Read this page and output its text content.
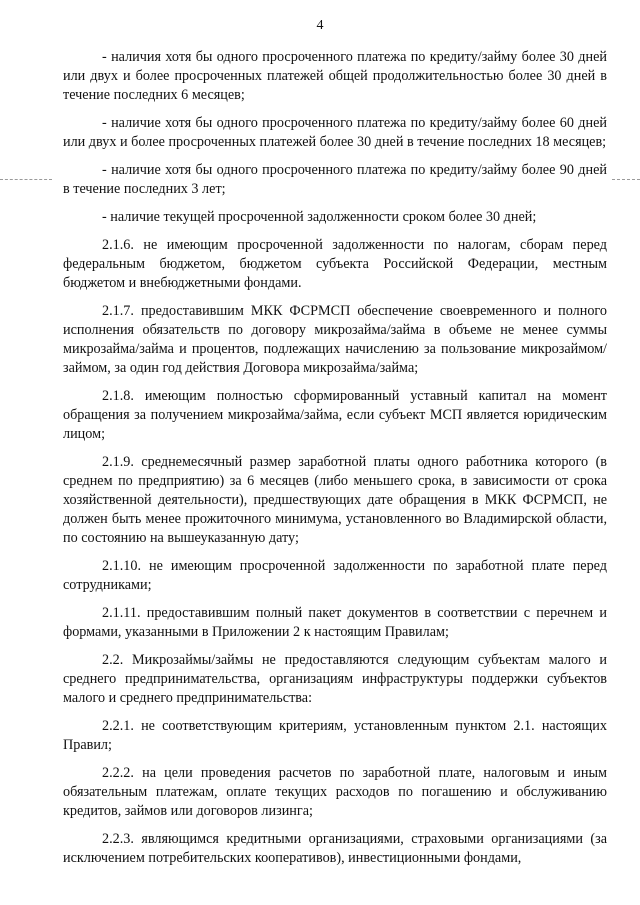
4

- наличия хотя бы одного просроченного платежа по кредиту/займу более 30 дней или двух и более просроченных платежей общей продолжительностью более 30 дней в течение последних 6 месяцев;

- наличие хотя бы одного просроченного платежа по кредиту/займу более 60 дней или двух и более просроченных платежей более 30 дней в течение последних 18 месяцев;

- наличие хотя бы одного просроченного платежа по кредиту/займу более 90 дней в течение последних 3 лет;

- наличие текущей просроченной задолженности сроком более 30 дней;

2.1.6. не имеющим просроченной задолженности по налогам, сборам перед федеральным бюджетом, бюджетом субъекта Российской Федерации, местным бюджетом и внебюджетными фондами.

2.1.7. предоставившим МКК ФСРМСП обеспечение своевременного и полного исполнения обязательств по договору микрозайма/займа в объеме не менее суммы микрозайма/займа и процентов, подлежащих начислению за пользование микрозаймом/займом, за один год действия Договора микрозайма/займа;

2.1.8. имеющим полностью сформированный уставный капитал на момент обращения за получением микрозайма/займа, если субъект МСП является юридическим лицом;

2.1.9. среднемесячный размер заработной платы одного работника которого (в среднем по предприятию) за 6 месяцев (либо меньшего срока, в зависимости от срока хозяйственной деятельности), предшествующих дате обращения в МКК ФСРМСП, не должен быть менее прожиточного минимума, установленного во Владимирской области, по состоянию на вышеуказанную дату;

2.1.10. не имеющим просроченной задолженности по заработной плате перед сотрудниками;

2.1.11. предоставившим полный пакет документов в соответствии с перечнем и формами, указанными в Приложении 2 к настоящим Правилам;

2.2. Микрозаймы/займы не предоставляются следующим субъектам малого и среднего предпринимательства, организациям инфраструктуры поддержки субъектов малого и среднего предпринимательства:

2.2.1. не соответствующим критериям, установленным пунктом 2.1. настоящих Правил;

2.2.2. на цели проведения расчетов по заработной плате, налоговым и иным обязательным платежам, оплате текущих расходов по погашению и обслуживанию кредитов, займов или договоров лизинга;

2.2.3. являющимся кредитными организациями, страховыми организациями (за исключением потребительских кооперативов), инвестиционными фондами,
